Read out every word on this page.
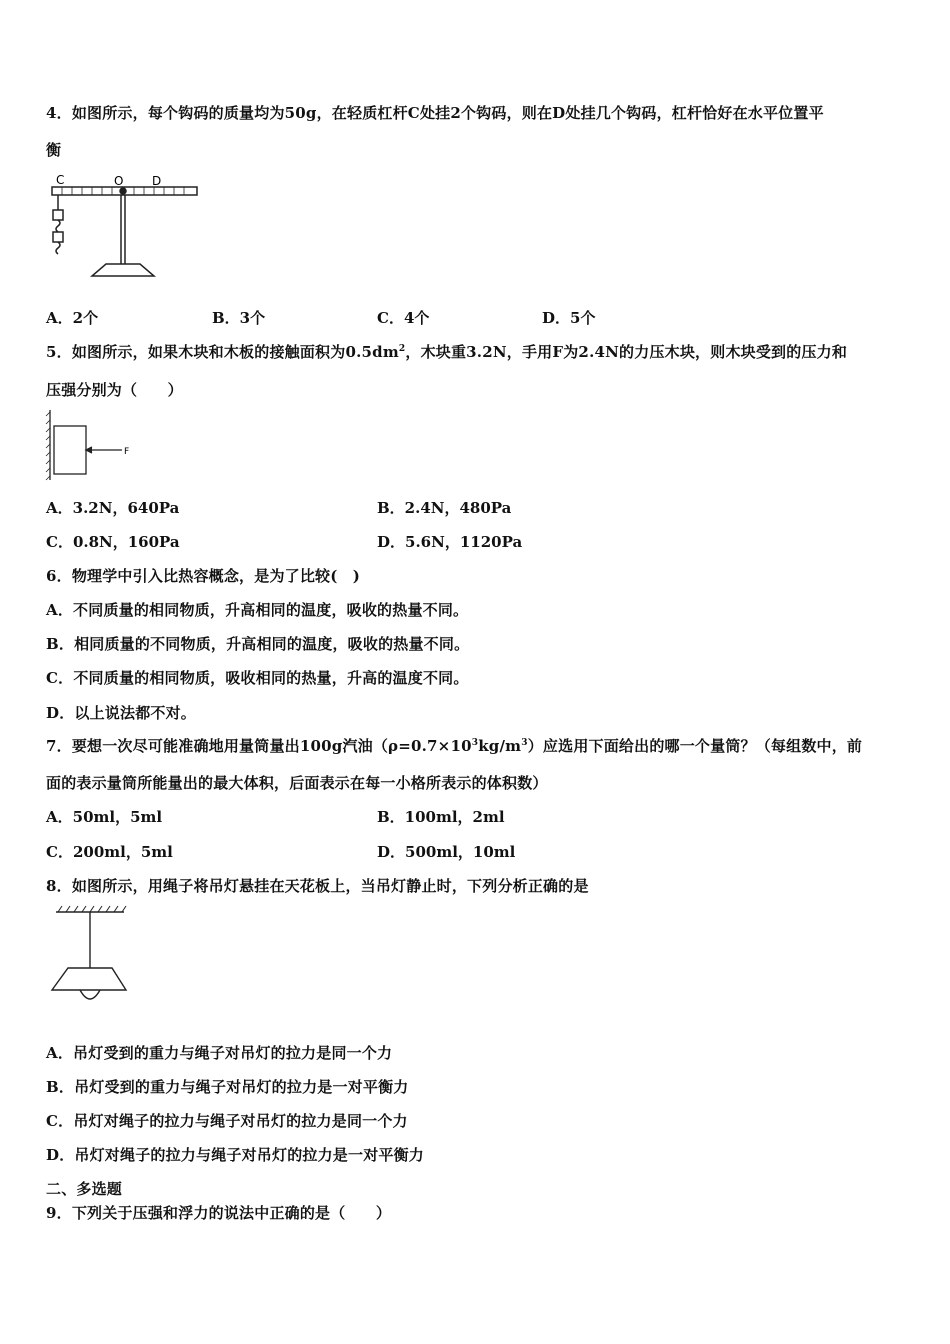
4．如图所示，每个钩码的质量均为50g，在轻质杠杆C处挂2个钩码，则在D处挂几个钩码，杠杆恰好在水平位置平
衡
C	O D
A．2个	B．3个	C．4个	D．5个
5．如图所示，如果木块和木板的接触面积为$0.5dm^2$，木块重3.2N，手用F为2.4N的力压木块，则木块受到的压力和
压强分别为（　　）
F
A．3.2N，640Pa	B．2.4N，480Pa
C．0.8N，160Pa	D．5.6N，1120Pa
6．物理学中引入比热容概念，是为了比较(　)
A．不同质量的相同物质，升高相同的温度，吸收的热量不同。
B．相同质量的不同物质，升高相同的温度，吸收的热量不同。
C．不同质量的相同物质，吸收相同的热量，升高的温度不同。
D．以上说法都不对。
7．要想一次尽可能准确地用量筒量出100g汽油$(\rho=0.7\times 10^3kg/m^3)$应选用下面给出的哪一个量筒？（每组数中，前
面的表示量筒所能量出的最大体积，后面表示在每一小格所表示的体积数）
A．50ml，5ml	B．100ml，2ml
C．200ml，5ml	D．500ml，10ml
8．如图所示，用绳子将吊灯悬挂在天花板上，当吊灯静止时，下列分析正确的是
A．吊灯受到的重力与绳子对吊灯的拉力是同一个力
B．吊灯受到的重力与绳子对吊灯的拉力是一对平衡力
C．吊灯对绳子的拉力与绳子对吊灯的拉力是同一个力
D．吊灯对绳子的拉力与绳子对吊灯的拉力是一对平衡力
二、多选题
9．下列关于压强和浮力的说法中正确的是（　　）
